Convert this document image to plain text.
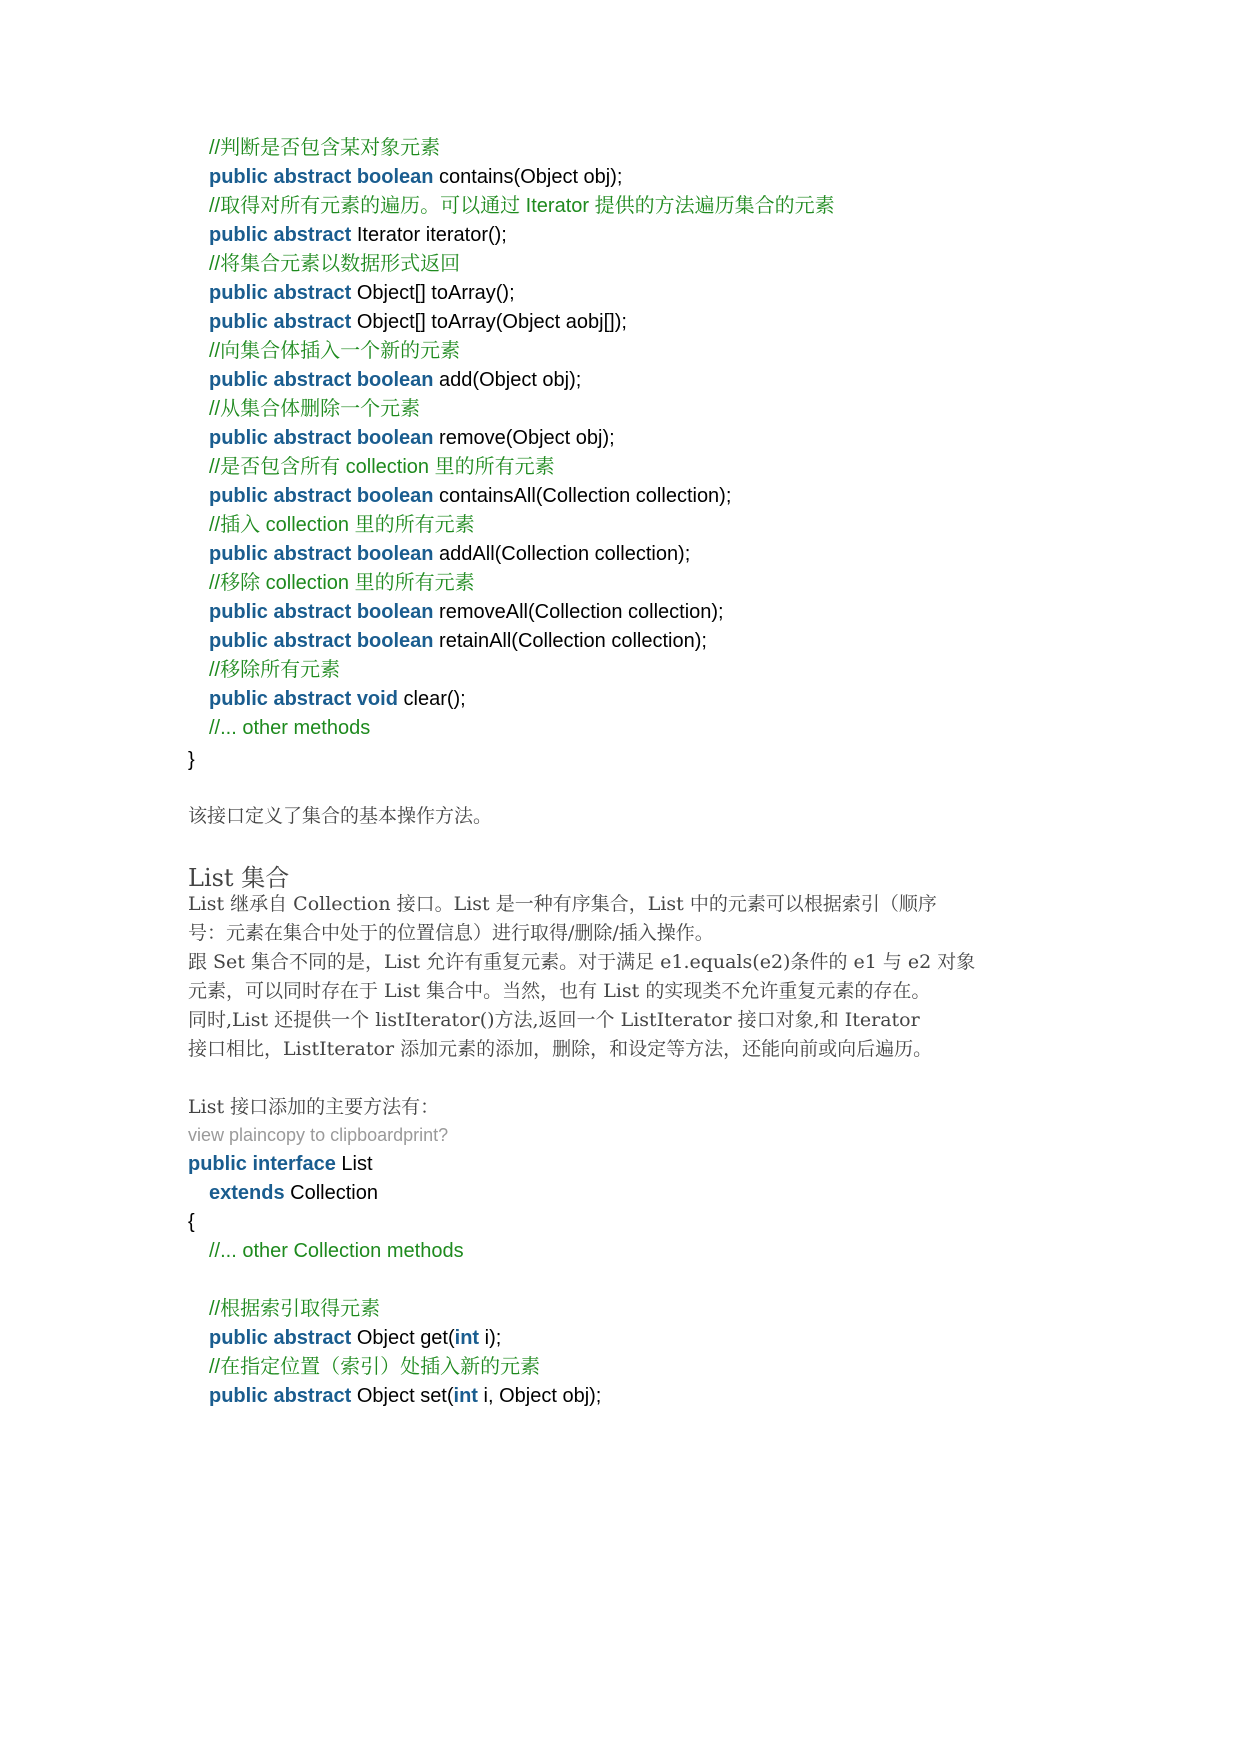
//判断是否包含某对象元素
public abstract boolean contains(Object obj);
//取得对所有元素的遍历。可以通过 Iterator 提供的方法遍历集合的元素
public abstract Iterator iterator();
//将集合元素以数据形式返回
public abstract Object[] toArray();
public abstract Object[] toArray(Object aobj[]);
//向集合体插入一个新的元素
public abstract boolean add(Object obj);
//从集合体删除一个元素
public abstract boolean remove(Object obj);
//是否包含所有 collection 里的所有元素
public abstract boolean containsAll(Collection collection);
//插入 collection 里的所有元素
public abstract boolean addAll(Collection collection);
//移除 collection 里的所有元素
public abstract boolean removeAll(Collection collection);
public abstract boolean retainAll(Collection collection);
//移除所有元素
public abstract void clear();
//... other methods
}
该接口定义了集合的基本操作方法。
List 集合
List 继承自 Collection 接口。List 是一种有序集合，List 中的元素可以根据索引（顺序
号：元素在集合中处于的位置信息）进行取得/删除/插入操作。
跟 Set 集合不同的是，List 允许有重复元素。对于满足 e1.equals(e2)条件的 e1 与 e2 对象
元素，可以同时存在于 List 集合中。当然，也有 List 的实现类不允许重复元素的存在。
同时,List 还提供一个 listIterator()方法,返回一个 ListIterator 接口对象,和 Iterator
接口相比，ListIterator 添加元素的添加，删除，和设定等方法，还能向前或向后遍历。
List 接口添加的主要方法有：
view plaincopy to clipboardprint?
public interface List
extends Collection
{
//... other Collection methods
//根据索引取得元素
public abstract Object get(int i);
//在指定位置（索引）处插入新的元素
public abstract Object set(int i, Object obj);
